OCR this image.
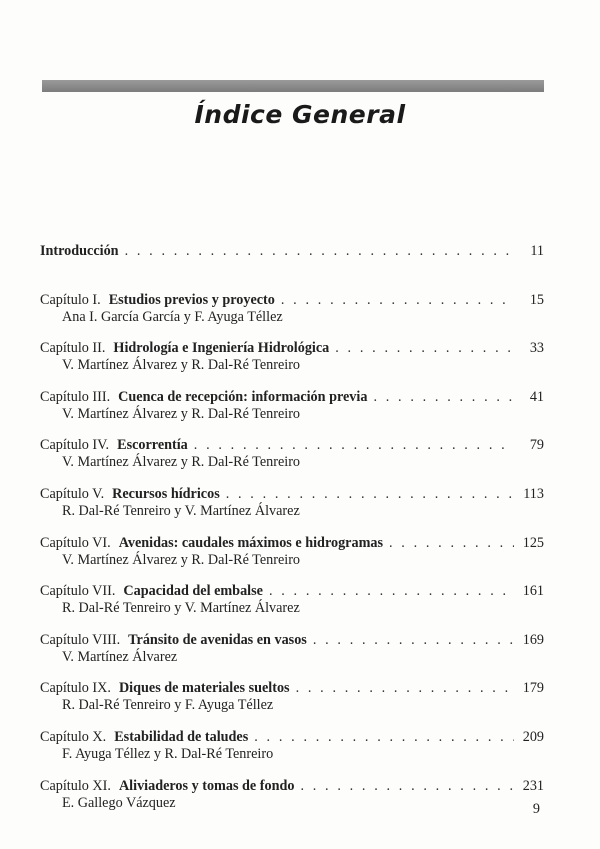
Índice General
Introducción . . .	11
Capítulo I. Estudios previos y proyecto . . .	15
Ana I. García García y F. Ayuga Téllez
Capítulo II. Hidrología e Ingeniería Hidrológica . . .	33
V. Martínez Álvarez y R. Dal-Ré Tenreiro
Capítulo III. Cuenca de recepción: información previa . . .	41
V. Martínez Álvarez y R. Dal-Ré Tenreiro
Capítulo IV. Escorrentía . . .	79
V. Martínez Álvarez y R. Dal-Ré Tenreiro
Capítulo V. Recursos hídricos . . .	113
R. Dal-Ré Tenreiro y V. Martínez Álvarez
Capítulo VI. Avenidas: caudales máximos e hidrogramas . . .	125
V. Martínez Álvarez y R. Dal-Ré Tenreiro
Capítulo VII. Capacidad del embalse . . .	161
R. Dal-Ré Tenreiro y V. Martínez Álvarez
Capítulo VIII. Tránsito de avenidas en vasos . . .	169
V. Martínez Álvarez
Capítulo IX. Diques de materiales sueltos . . .	179
R. Dal-Ré Tenreiro y F. Ayuga Téllez
Capítulo X. Estabilidad de taludes . . .	209
F. Ayuga Téllez y R. Dal-Ré Tenreiro
Capítulo XI. Aliviaderos y tomas de fondo . . .	231
E. Gallego Vázquez	9
